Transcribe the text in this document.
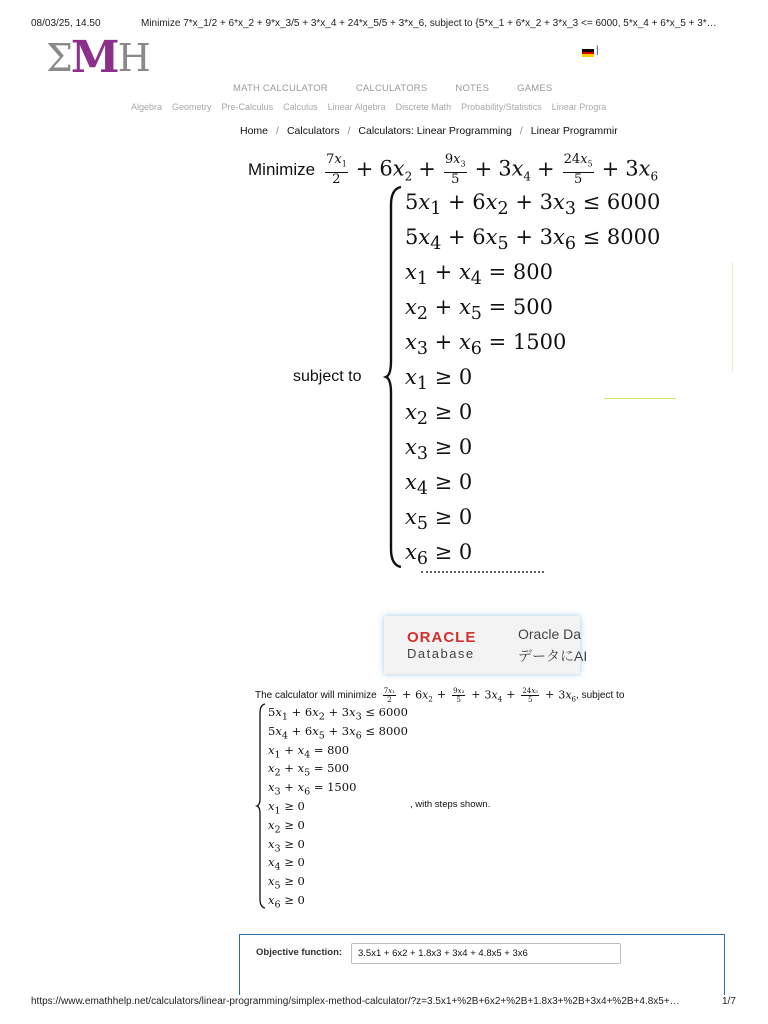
08/03/25, 14.50	Minimize 7*x_1/2 + 6*x_2 + 9*x_3/5 + 3*x_4 + 24*x_5/5 + 3*x_6, subject to {5*x_1 + 6*x_2 + 3*x_3 <= 6000, 5*x_4 + 6*x_5 + 3*…
Σ
M
H	|
MATH CALCULATOR	CALCULATORS	NOTES	GAMES
Algebra Geometry Pre-Calculus Calculus Linear Algebra Discrete Math Probability/Statistics Linear Progra
Home / Calculators / Calculators: Linear Programming / Linear Programmir
Minimize $\frac{7x_1}{2} + 6x_2 + \frac{9x_3}{5} + 3x_4 + \frac{24x_5}{5} + 3x_6$
subject to
$5x_1 + 6x_2 + 3x_3 \le 6000$
$5x_4 + 6x_5 + 3x_6 \le 8000$
$x_1 + x_4 = 800$
$x_2 + x_5 = 500$
$x_3 + x_6 = 1500$
$x_1 \ge 0$
$x_2 \ge 0$
$x_3 \ge 0$
$x_4 \ge 0$
$x_5 \ge 0$
$x_6 \ge 0$
ORACLE
Database
Oracle Da
データにAI
The calculator will minimize $\frac{\text{7x₁}}{2} + 6x_2 + \frac{\text{9x₃}}{5} + 3x_4 + \frac{\text{24x₅}}{5} + 3x_6$ , subject to
$5x_1 + 6x_2 + 3x_3 \le 6000$
$5x_4 + 6x_5 + 3x_6 \le 8000$
$x_1 + x_4 = 800$
$x_2 + x_5 = 500$
$x_3 + x_6 = 1500$
$x_1 \ge 0$
$x_2 \ge 0$
$x_3 \ge 0$
$x_4 \ge 0$
$x_5 \ge 0$
$x_6 \ge 0$
, with steps shown.
Objective function:
3.5x1 + 6x2 + 1.8x3 + 3x4 + 4.8x5 + 3x6
https://www.emathhelp.net/calculators/linear-programming/simplex-method-calculator/?z=3.5x1+%2B+6x2+%2B+1.8x3+%2B+3x4+%2B+4.8x5+…	1/7
